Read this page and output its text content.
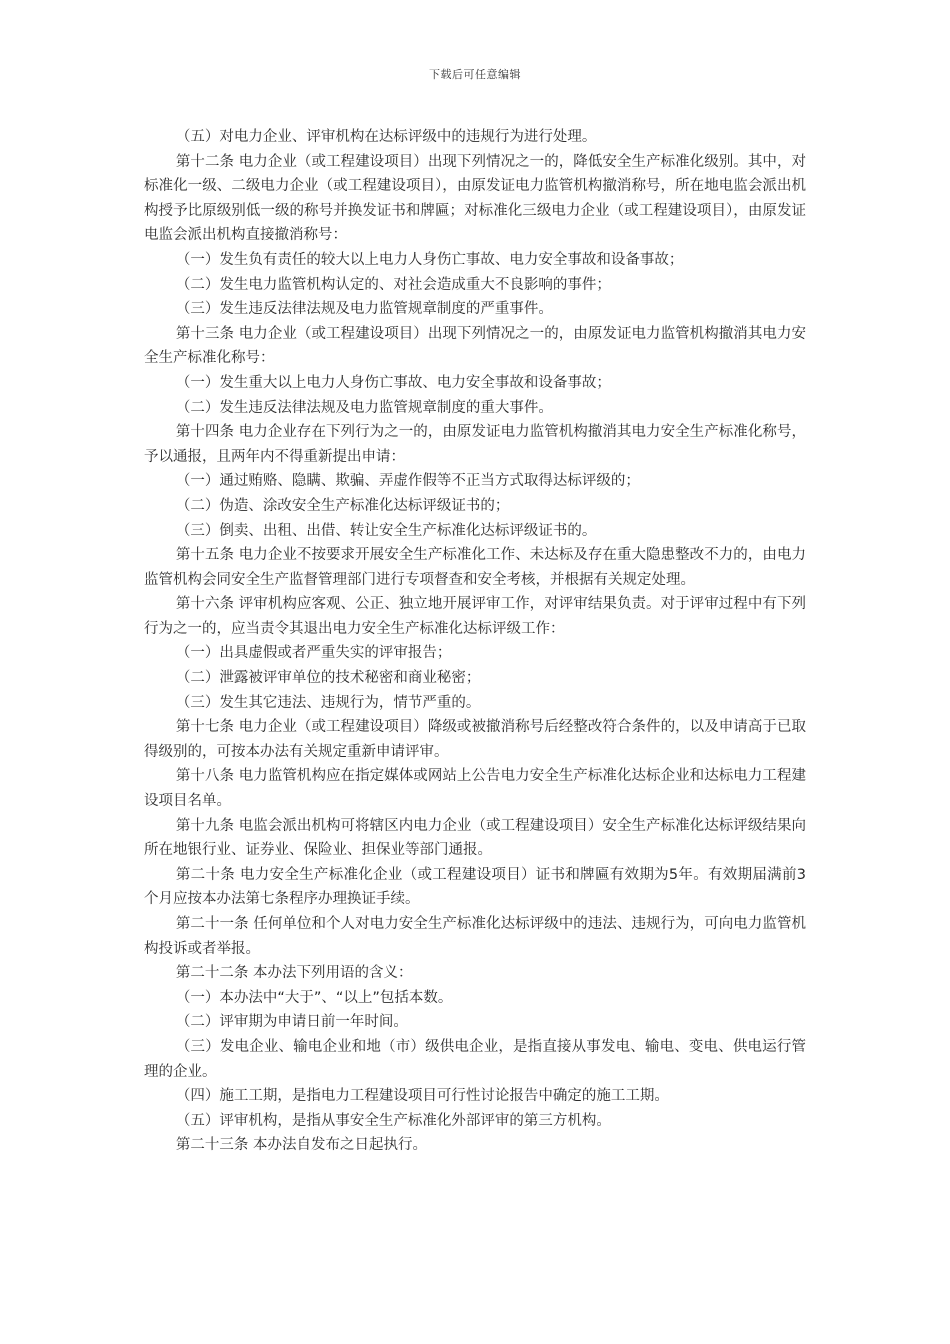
下载后可任意编辑

（五）对电力企业、评审机构在达标评级中的违规行为进行处理。

第十二条 电力企业（或工程建设项目）出现下列情况之一的，降低安全生产标准化级别。其中，对标准化一级、二级电力企业（或工程建设项目），由原发证电力监管机构撤消称号，所在地电监会派出机构授予比原级别低一级的称号并换发证书和牌匾；对标准化三级电力企业（或工程建设项目），由原发证电监会派出机构直接撤消称号：

（一）发生负有责任的较大以上电力人身伤亡事故、电力安全事故和设备事故；

（二）发生电力监管机构认定的、对社会造成重大不良影响的事件；

（三）发生违反法律法规及电力监管规章制度的严重事件。

第十三条 电力企业（或工程建设项目）出现下列情况之一的，由原发证电力监管机构撤消其电力安全生产标准化称号：

（一）发生重大以上电力人身伤亡事故、电力安全事故和设备事故；

（二）发生违反法律法规及电力监管规章制度的重大事件。

第十四条 电力企业存在下列行为之一的，由原发证电力监管机构撤消其电力安全生产标准化称号，予以通报，且两年内不得重新提出申请：

（一）通过贿赂、隐瞒、欺骗、弄虚作假等不正当方式取得达标评级的；

（二）伪造、涂改安全生产标准化达标评级证书的；

（三）倒卖、出租、出借、转让安全生产标准化达标评级证书的。

第十五条 电力企业不按要求开展安全生产标准化工作、未达标及存在重大隐患整改不力的，由电力监管机构会同安全生产监督管理部门进行专项督查和安全考核，并根据有关规定处理。

第十六条 评审机构应客观、公正、独立地开展评审工作，对评审结果负责。对于评审过程中有下列行为之一的，应当责令其退出电力安全生产标准化达标评级工作：

（一）出具虚假或者严重失实的评审报告；

（二）泄露被评审单位的技术秘密和商业秘密；

（三）发生其它违法、违规行为，情节严重的。

第十七条 电力企业（或工程建设项目）降级或被撤消称号后经整改符合条件的，以及申请高于已取得级别的，可按本办法有关规定重新申请评审。

第十八条 电力监管机构应在指定媒体或网站上公告电力安全生产标准化达标企业和达标电力工程建设项目名单。

第十九条 电监会派出机构可将辖区内电力企业（或工程建设项目）安全生产标准化达标评级结果向所在地银行业、证券业、保险业、担保业等部门通报。

第二十条 电力安全生产标准化企业（或工程建设项目）证书和牌匾有效期为5年。有效期届满前3个月应按本办法第七条程序办理换证手续。

第二十一条 任何单位和个人对电力安全生产标准化达标评级中的违法、违规行为，可向电力监管机构投诉或者举报。

第二十二条 本办法下列用语的含义：

（一）本办法中“大于”、“以上”包括本数。

（二）评审期为申请日前一年时间。

（三）发电企业、输电企业和地（市）级供电企业，是指直接从事发电、输电、变电、供电运行管理的企业。

（四）施工工期，是指电力工程建设项目可行性讨论报告中确定的施工工期。

（五）评审机构，是指从事安全生产标准化外部评审的第三方机构。

第二十三条 本办法自发布之日起执行。
